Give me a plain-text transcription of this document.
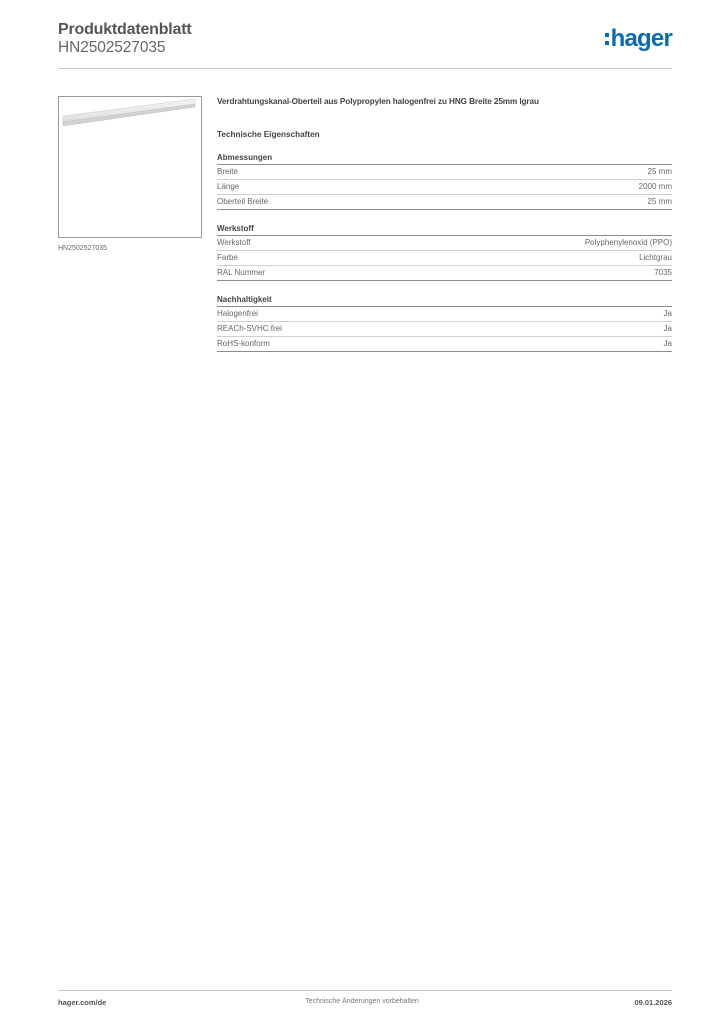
Produktdatenblatt
HN2502527035	hager
HN2502527035
Verdrahtungskanal-Oberteil aus Polypropylen halogenfrei zu HNG Breite 25mm lgrau
Technische Eigenschaften
Abmessungen
Breite	25 mm
Länge	2000 mm
Oberteil Breite	25 mm
Werkstoff
Werkstoff	Polyphenylenoxid (PPO)
Farbe	Lichtgrau
RAL Nummer	7035
Nachhaltigkeit
Halogenfrei	Ja
REACh-SVHC frei	Ja
RoHS-konform	Ja
hager.com/de	Technische Änderungen vorbehalten	09.01.2026
